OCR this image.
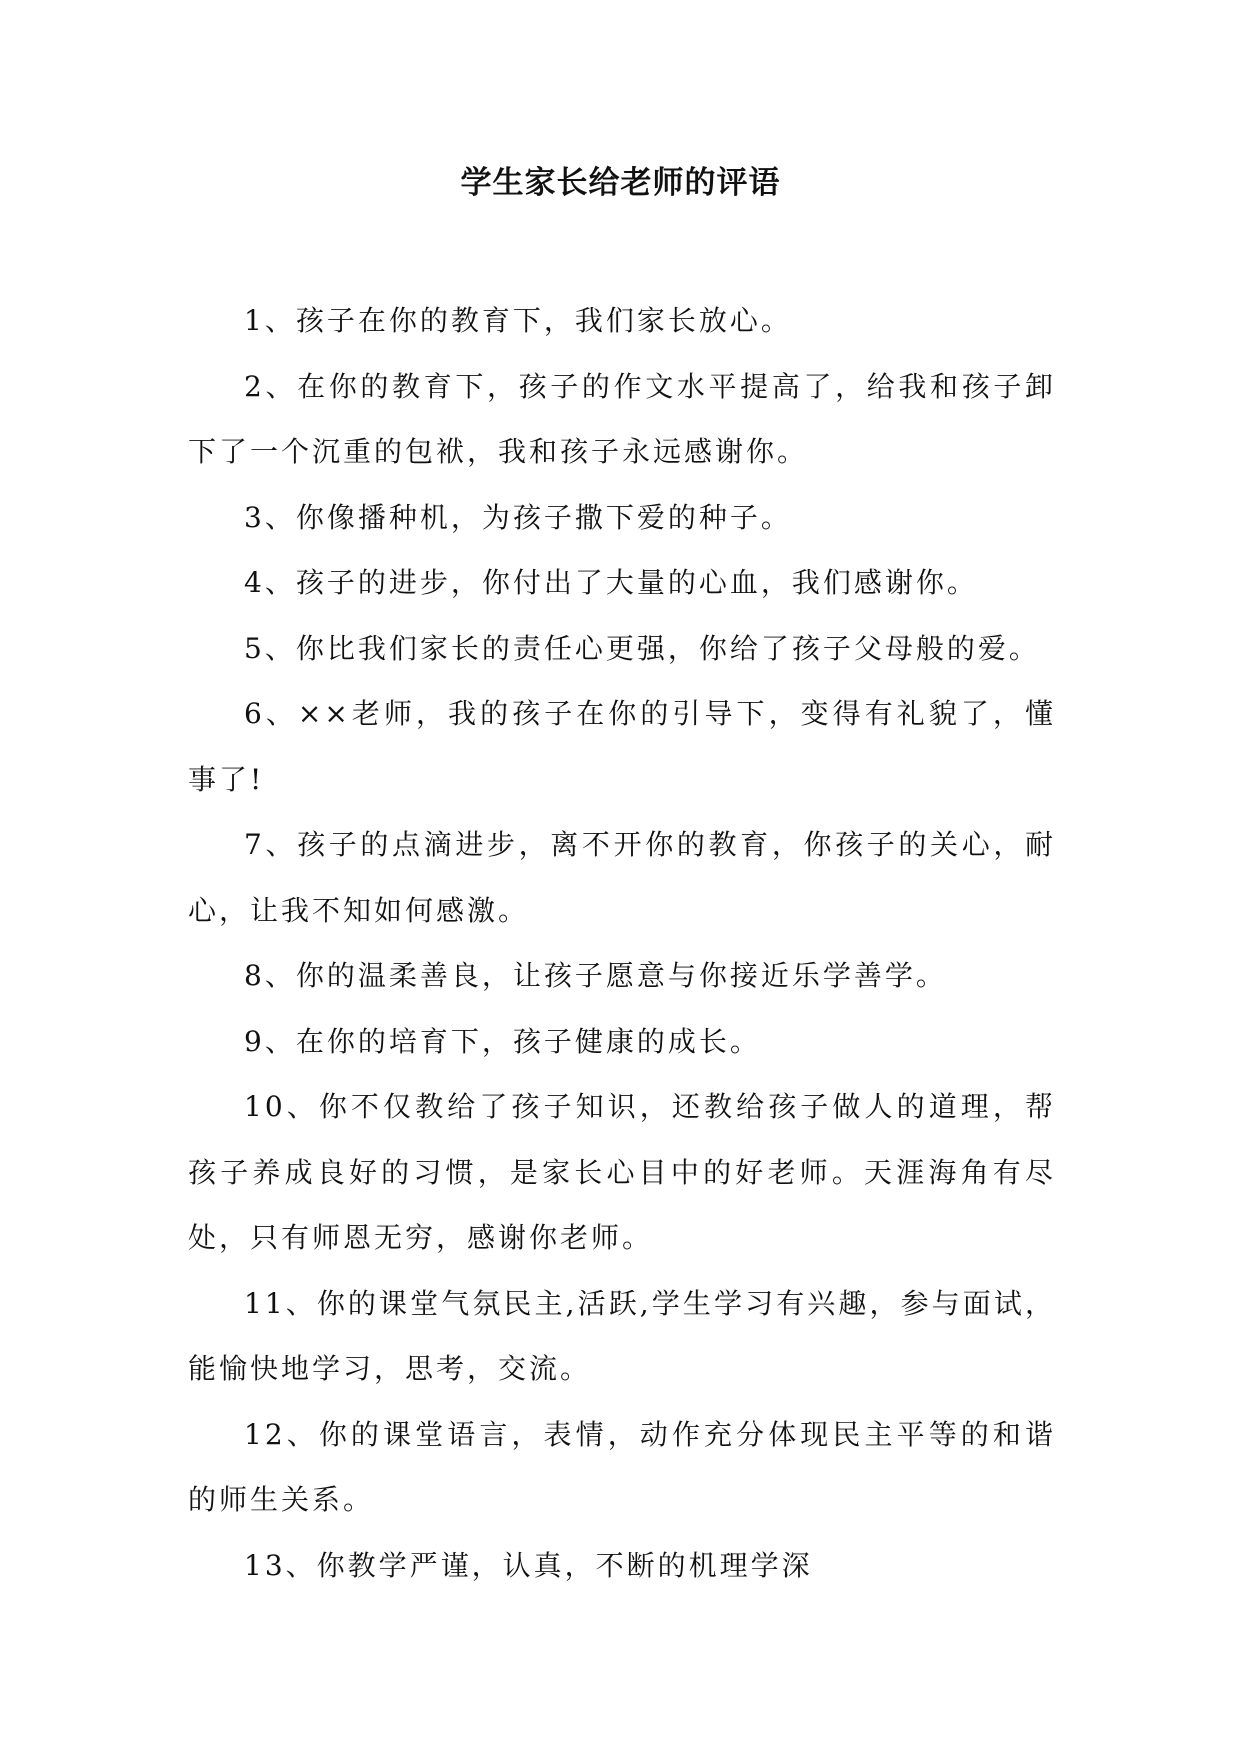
学生家长给老师的评语

1、孩子在你的教育下，我们家长放心。

2、在你的教育下，孩子的作文水平提高了，给我和孩子卸下了一个沉重的包袱，我和孩子永远感谢你。

3、你像播种机，为孩子撒下爱的种子。

4、孩子的进步，你付出了大量的心血，我们感谢你。

5、你比我们家长的责任心更强，你给了孩子父母般的爱。

6、××老师，我的孩子在你的引导下，变得有礼貌了，懂事了!

7、孩子的点滴进步，离不开你的教育，你孩子的关心，耐心，让我不知如何感激。

8、你的温柔善良，让孩子愿意与你接近乐学善学。

9、在你的培育下，孩子健康的成长。

10、你不仅教给了孩子知识，还教给孩子做人的道理，帮孩子养成良好的习惯，是家长心目中的好老师。天涯海角有尽处，只有师恩无穷，感谢你老师。

11、你的课堂气氛民主,活跃,学生学习有兴趣，参与面试，能愉快地学习，思考，交流。

12、你的课堂语言，表情，动作充分体现民主平等的和谐的师生关系。

13、你教学严谨，认真，不断的机理学深
